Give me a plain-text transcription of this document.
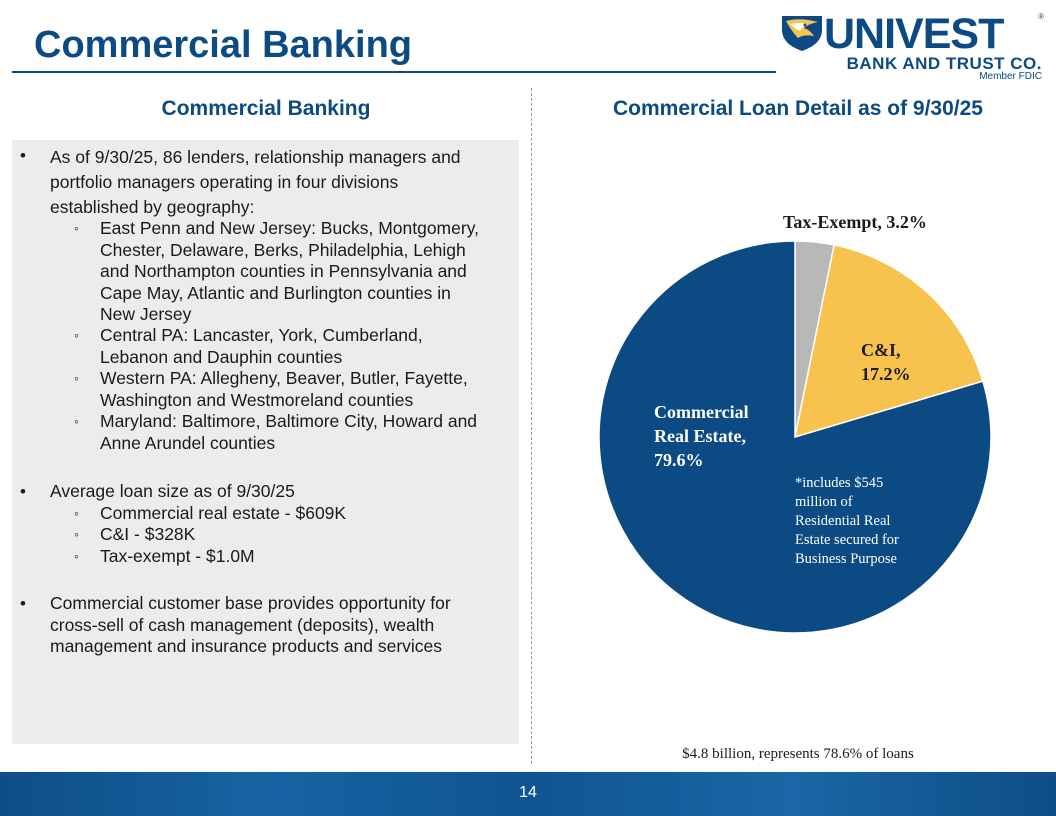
Commercial Banking	UNIVEST	®
BANK AND TRUST CO.
Member FDIC
Commercial Banking
• As of 9/30/25, 86 lenders, relationship managers and
portfolio managers operating in four divisions
established by geography:
◦ East Penn and New Jersey: Bucks, Montgomery,
Chester, Delaware, Berks, Philadelphia, Lehigh
and Northampton counties in Pennsylvania and
Cape May, Atlantic and Burlington counties in
New Jersey
◦ Central PA: Lancaster, York, Cumberland,
Lebanon and Dauphin counties
◦ Western PA: Allegheny, Beaver, Butler, Fayette,
Washington and Westmoreland counties
◦ Maryland: Baltimore, Baltimore City, Howard and
Anne Arundel counties
• Average loan size as of 9/30/25
◦ Commercial real estate - $609K
◦ C&I - $328K
◦ Tax-exempt - $1.0M
• Commercial customer base provides opportunity for
cross-sell of cash management (deposits), wealth
management and insurance products and services
Commercial Loan Detail as of 9/30/25
Tax-Exempt, 3.2%
C&I,
17.2%
Commercial
Real Estate,
79.6%
*includes $545
million of
Residential Real
Estate secured for
Business Purpose
$4.8 billion, represents 78.6% of loans
14
